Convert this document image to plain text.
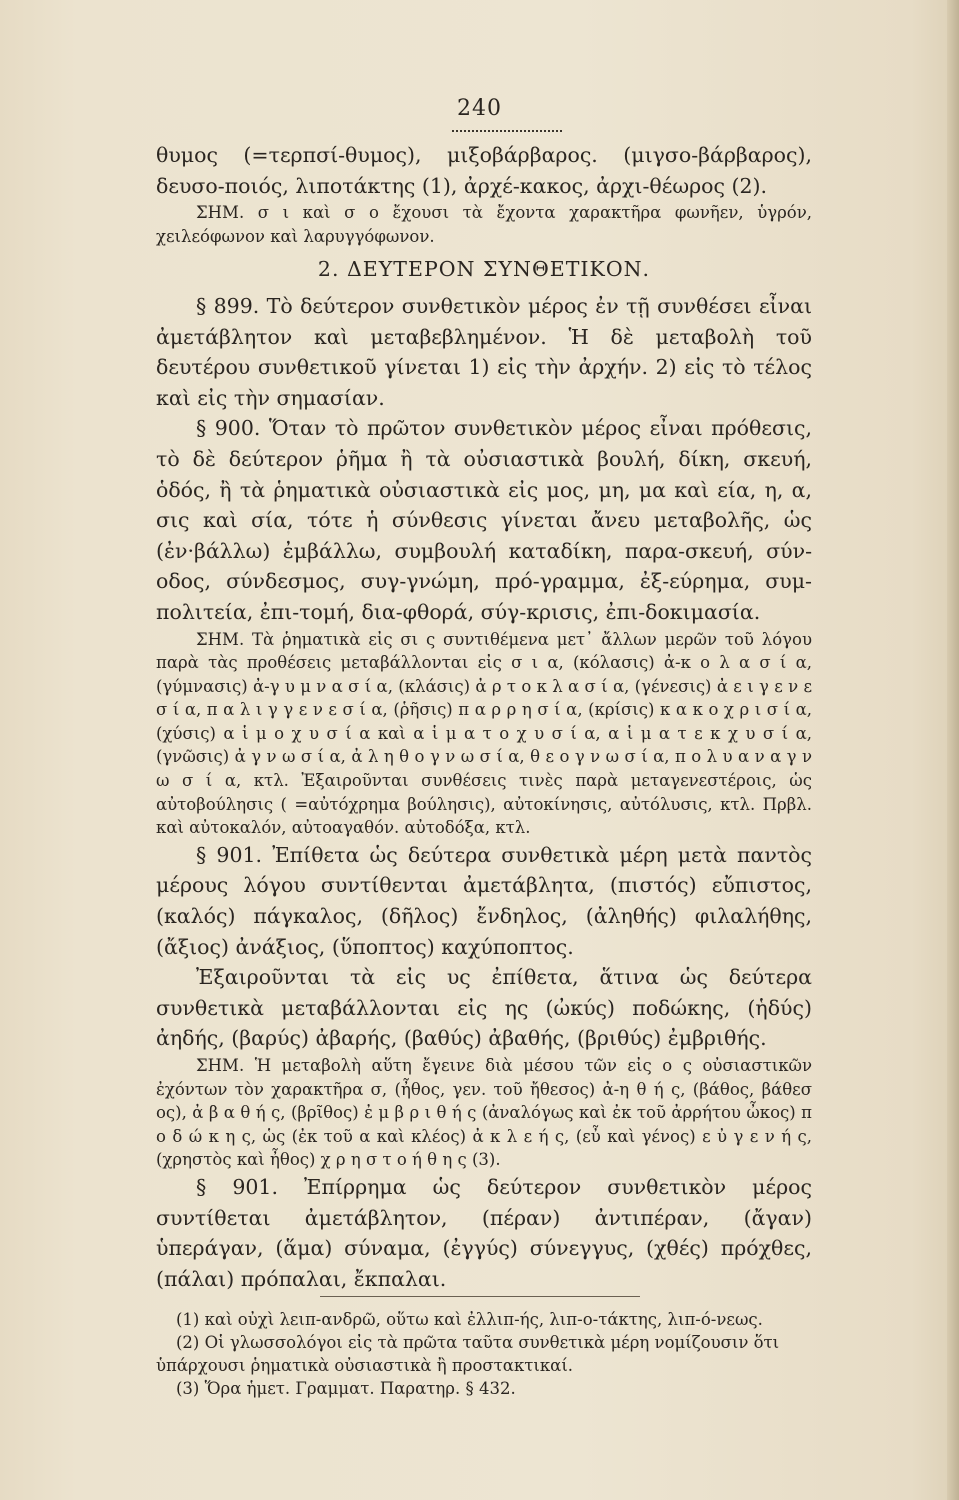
240

θυμος (=τερπσί-θυμος), μιξοβάρβαρος. (μιγσο-βάρβαρος), δευσο-ποιός, λιποτάκτης (1), ἀρχέ-κακος, ἀρχι-θέωρος (2).

ΣΗΜ. σ ι καὶ σ ο ἔχουσι τὰ ἔχοντα χαρακτῆρα φωνῆεν, ὑγρόν, χειλεόφωνον καὶ λαρυγγόφωνον.

2. ΔΕΥΤΕΡΟΝ ΣΥΝΘΕΤΙΚΟΝ.

§ 899. Τὸ δεύτερον συνθετικὸν μέρος ἐν τῇ συνθέσει εἶναι ἀμετάβλητον καὶ μεταβεβλημένον. Ἡ δὲ μεταβολὴ τοῦ δευτέρου συνθετικοῦ γίνεται 1) εἰς τὴν ἀρχήν. 2) εἰς τὸ τέλος καὶ εἰς τὴν σημασίαν.

§ 900. Ὅταν τὸ πρῶτον συνθετικὸν μέρος εἶναι πρόθεσις, τὸ δὲ δεύτερον ῥῆμα ἢ τὰ οὐσιαστικὰ βουλή, δίκη, σκευή, ὁδός, ἢ τὰ ῥηματικὰ οὐσιαστικὰ εἰς μος, μη, μα καὶ εία, η, α, σις καὶ σία, τότε ἡ σύνθεσις γίνεται ἄνευ μεταβολῆς, ὡς (ἐν·βάλλω) ἐμβάλλω, συμβουλή καταδίκη, παρα-σκευή, σύν-οδος, σύνδεσμος, συγ-γνώμη, πρό-γραμμα, ἐξ-εύρημα, συμ-πολιτεία, ἐπι-τομή, δια-φθορά, σύγ-κρισις, ἐπι-δοκιμασία.

ΣΗΜ. Τὰ ῥηματικὰ εἰς σι ς συντιθέμενα μετ᾽ ἄλλων μερῶν τοῦ λόγου παρὰ τὰς προθέσεις μεταβάλλονται εἰς σ ι α, (κόλασις) ἀ-κ ο λ α σ ί α, (γύμνασις) ἀ-γ υ μ ν α σ ί α, (κλάσις) ἀ ρ τ ο κ λ α σ ί α, (γένεσις) ἀ ε ι γ ε ν ε σ ί α, π α λ ι γ γ ε ν ε σ ί α, (ῥῆσις) π α ρ ρ η σ ί α, (κρίσις) κ α κ ο χ ρ ι σ ί α, (χύσις) α ἱ μ ο χ υ σ ί α καὶ α ἱ μ α τ ο χ υ σ ί α, α ἱ μ α τ ε κ χ υ σ ί α, (γνῶσις) ἀ γ ν ω σ ί α, ἀ λ η θ ο γ ν ω σ ί α, θ ε ο γ ν ω σ ί α, π ο λ υ α ν α γ ν ω σ ί α, κτλ. Ἐξαιροῦνται συνθέσεις τινὲς παρὰ μεταγενεστέροις, ὡς αὐτοβούλησις ( =αὐτόχρημα βούλησις), αὐτοκίνησις, αὐτόλυσις, κτλ. Πρβλ. καὶ αὐτοκαλόν, αὐτοαγαθόν. αὐτοδόξα, κτλ.

§ 901. Ἐπίθετα ὡς δεύτερα συνθετικὰ μέρη μετὰ παντὸς μέρους λόγου συντίθενται ἀμετάβλητα, (πιστός) εὔπιστος, (καλός) πάγκαλος, (δῆλος) ἔνδηλος, (ἀληθής) φιλαλήθης, (ἄξιος) ἀνάξιος, (ὕποπτος) καχύποπτος.

Ἐξαιροῦνται τὰ εἰς υς ἐπίθετα, ἅτινα ὡς δεύτερα συνθετικὰ μεταβάλλονται εἰς ης (ὠκύς) ποδώκης, (ἡδύς) ἀηδής, (βαρύς) ἀβαρής, (βαθύς) ἀβαθής, (βριθύς) ἐμβριθής.

ΣΗΜ. Ἡ μεταβολὴ αὕτη ἔγεινε διὰ μέσου τῶν εἰς ο ς οὐσιαστικῶν ἐχόντων τὸν χαρακτῆρα σ, (ἦθος, γεν. τοῦ ἤθεσος) ἀ-η θ ή ς, (βάθος, βάθεσ ος), ἀ β α θ ή ς, (βρῖθος) ἐ μ β ρ ι θ ή ς (ἀναλόγως καὶ ἐκ τοῦ ἀρρήτου ὦκος) π ο δ ώ κ η ς, ὡς (ἐκ τοῦ α καὶ κλέος) ἀ κ λ ε ή ς, (εὖ καὶ γένος) ε ὐ γ ε ν ή ς, (χρηστὸς καὶ ἦθος) χ ρ η σ τ ο ή θ η ς (3).

§ 901. Ἐπίρρημα ὡς δεύτερον συνθετικὸν μέρος συντίθεται ἀμετάβλητον, (πέραν) ἀντιπέραν, (ἄγαν) ὑπεράγαν, (ἅμα) σύναμα, (ἐγγύς) σύνεγγυς, (χθές) πρόχθες, (πάλαι) πρόπαλαι, ἔκπαλαι.

(1) καὶ οὐχὶ λειπ-ανδρῶ, οὕτω καὶ ἐλλιπ-ής, λιπ-ο-τάκτης, λιπ-ό-νεως.

(2) Οἱ γλωσσολόγοι εἰς τὰ πρῶτα ταῦτα συνθετικὰ μέρη νομίζουσιν ὅτι ὑπάρχουσι ῥηματικὰ οὐσιαστικὰ ἢ προστακτικαί.

(3) Ὅρα ἡμετ. Γραμματ. Παρατηρ. § 432.
